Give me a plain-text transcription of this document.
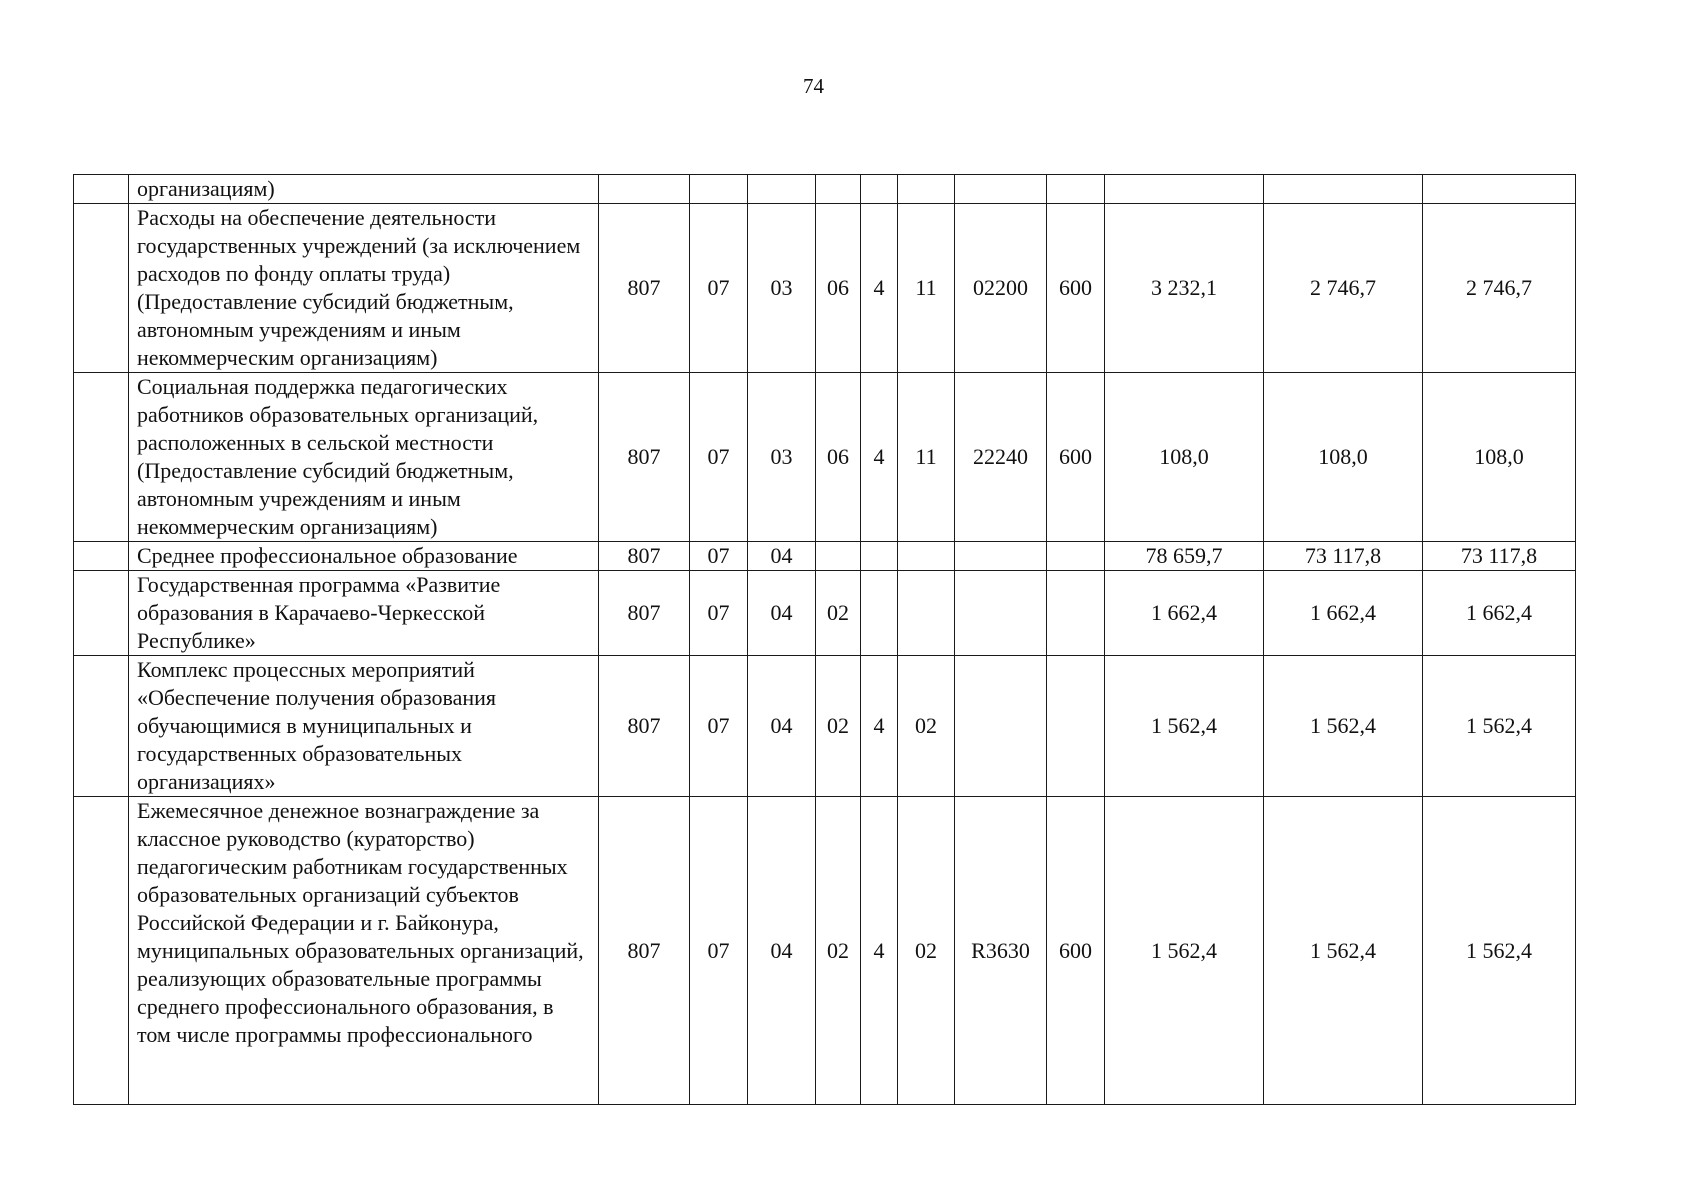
74
	организациям)											
	Расходы на обеспечение деятельности государственных учреждений (за исключением расходов по фонду оплаты труда) (Предоставление субсидий бюджетным, автономным учреждениям и иным некоммерческим организациям)	807	07	03	06	4	11	02200	600	3 232,1	2 746,7	2 746,7
	Социальная поддержка педагогических работников образовательных организаций, расположенных в сельской местности (Предоставление субсидий бюджетным, автономным учреждениям и иным некоммерческим организациям)	807	07	03	06	4	11	22240	600	108,0	108,0	108,0
	Среднее профессиональное образование	807	07	04						78 659,7	73 117,8	73 117,8
	Государственная программа «Развитие образования в Карачаево-Черкесской Республике»	807	07	04	02					1 662,4	1 662,4	1 662,4
	Комплекс процессных мероприятий «Обеспечение получения образования обучающимися в муниципальных и государственных образовательных организациях»	807	07	04	02	4	02			1 562,4	1 562,4	1 562,4
	Ежемесячное денежное вознаграждение за классное руководство (кураторство) педагогическим работникам государственных образовательных организаций субъектов Российской Федерации и г. Байконура, муниципальных образовательных организаций, реализующих образовательные программы среднего профессионального образования, в том числе программы профессионального	807	07	04	02	4	02	R3630	600	1 562,4	1 562,4	1 562,4
